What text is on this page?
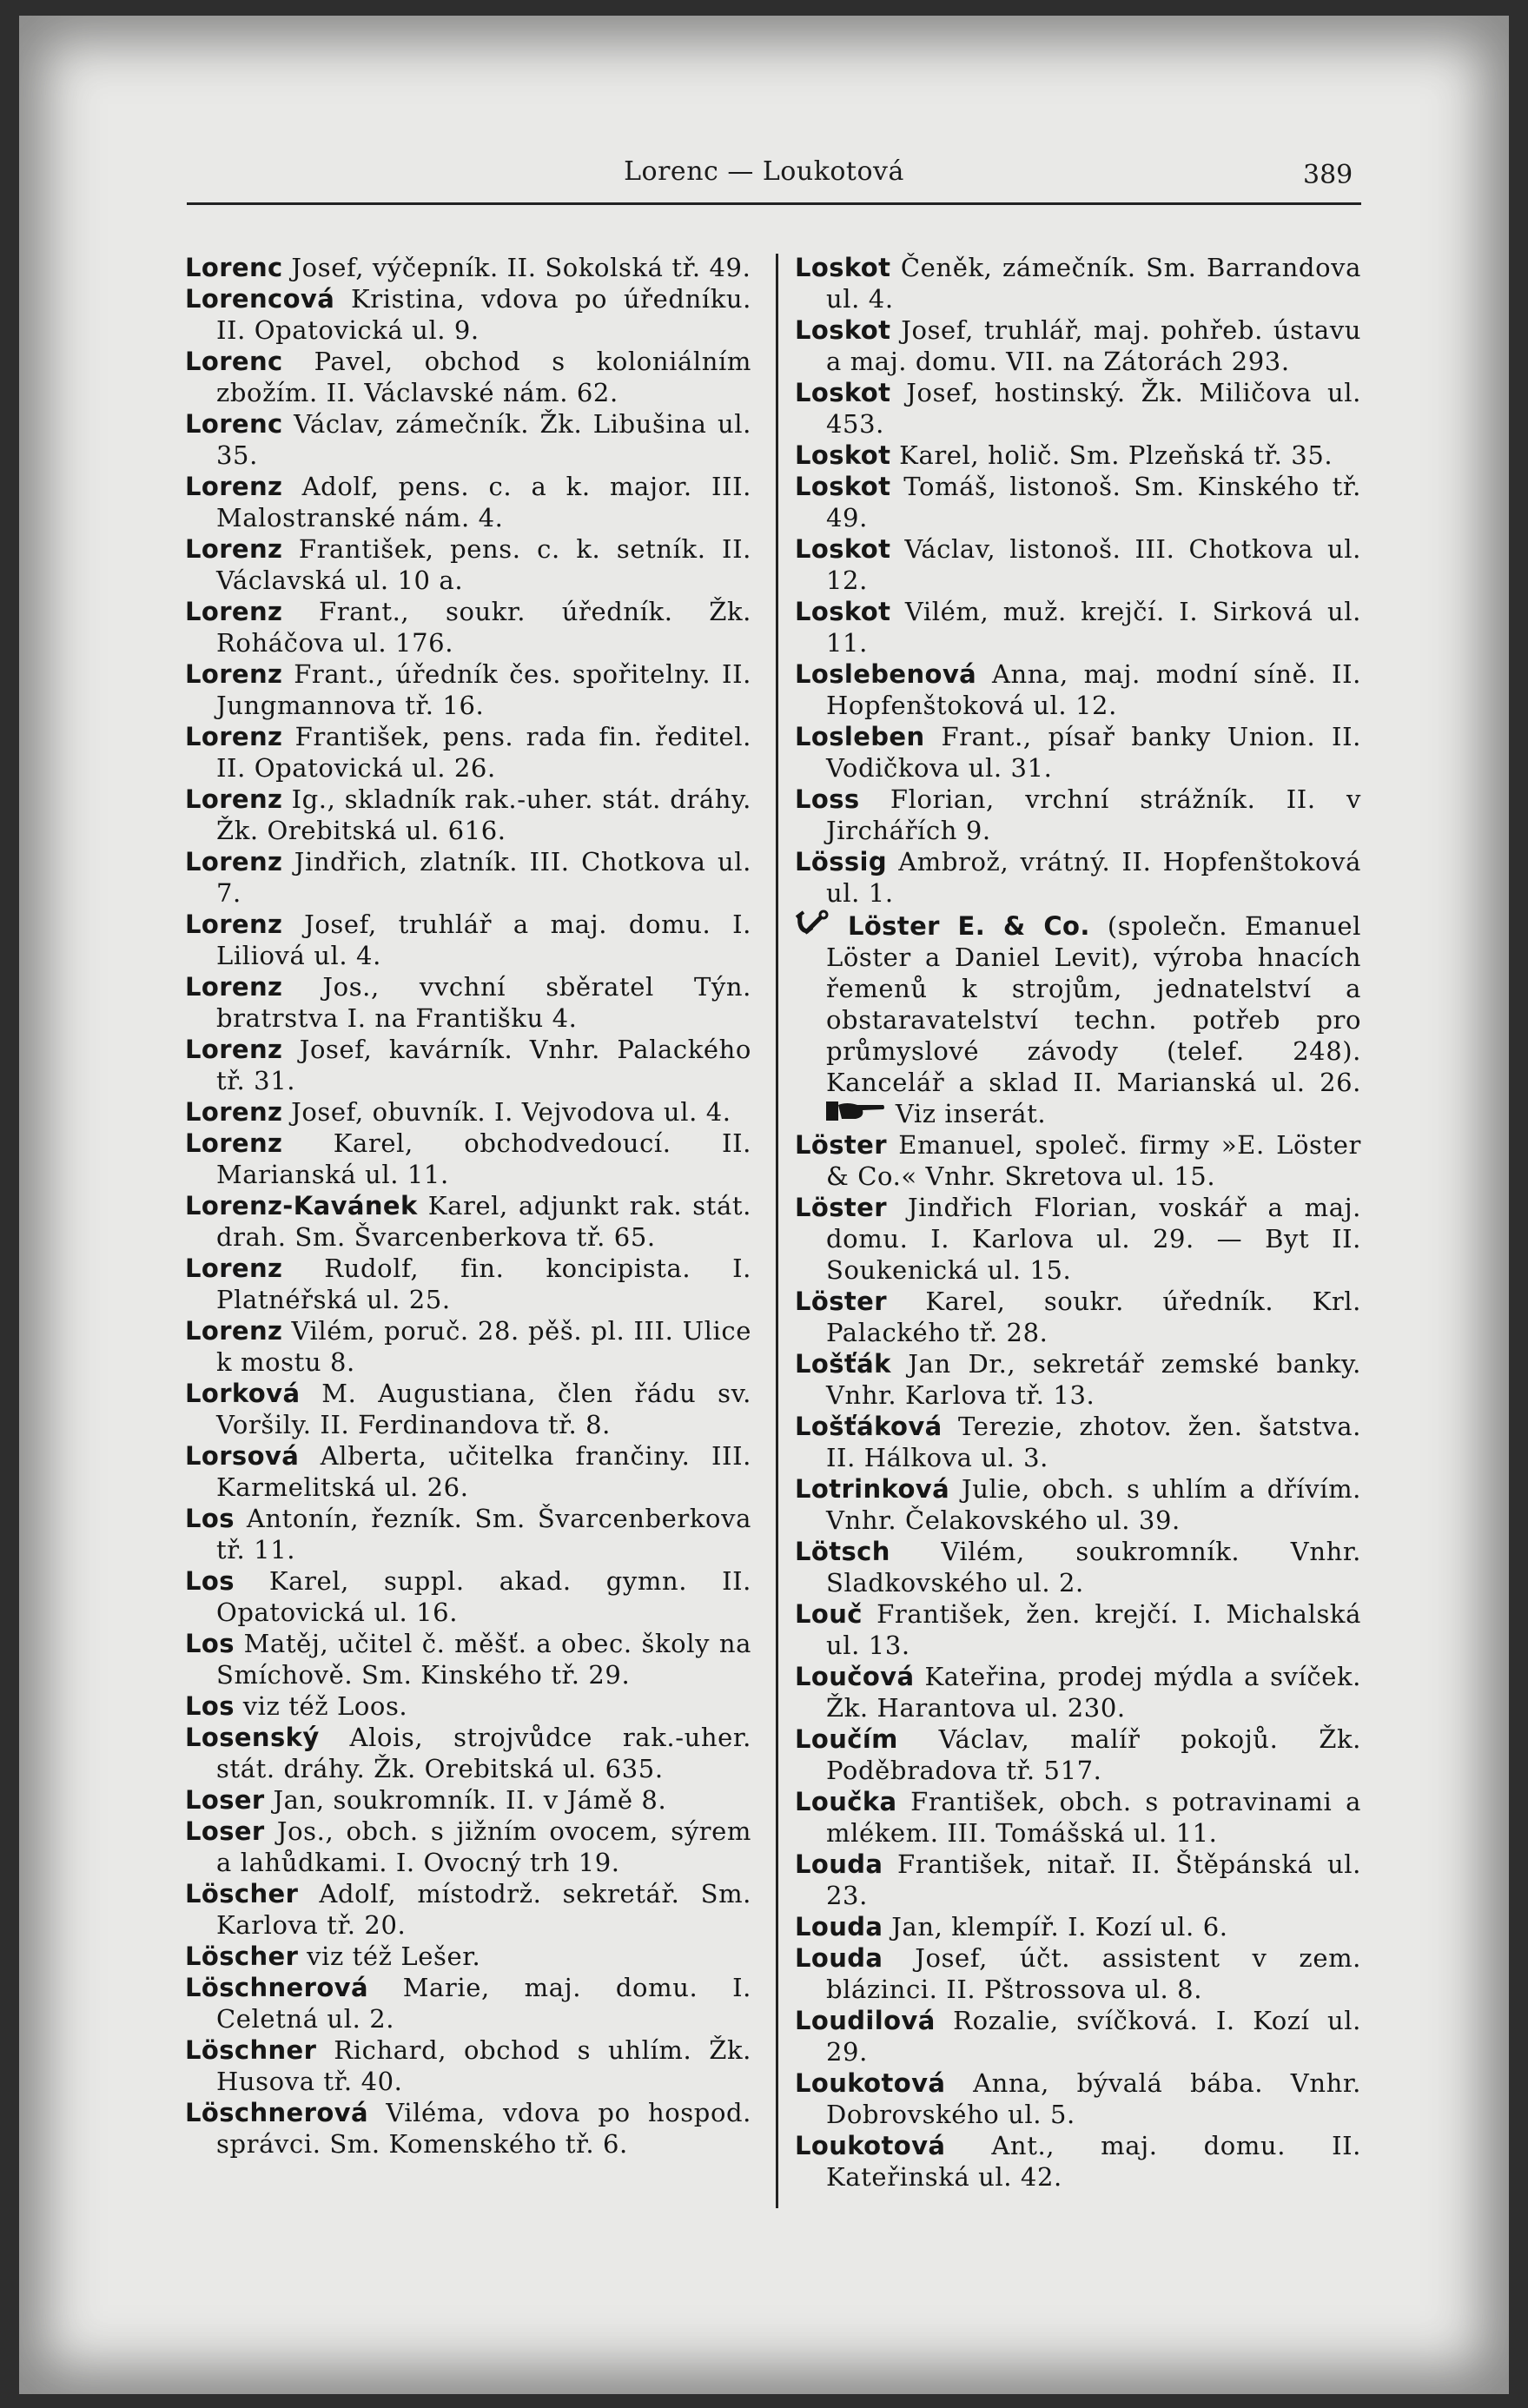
Lorenc — Loukotová	389

Lorenc Josef, výčepník. II. Sokolská tř. 49.

Lorencová Kristina, vdova po úředníku. II. Opatovická ul. 9.

Lorenc Pavel, obchod s koloniálním zbožím. II. Václavské nám. 62.

Lorenc Václav, zámečník. Žk. Libušina ul. 35.

Lorenz Adolf, pens. c. a k. major. III. Malostranské nám. 4.

Lorenz František, pens. c. k. setník. II. Václavská ul. 10 a.

Lorenz Frant., soukr. úředník. Žk. Roháčova ul. 176.

Lorenz Frant., úředník čes. spořitelny. II. Jungmannova tř. 16.

Lorenz František, pens. rada fin. ředitel. II. Opatovická ul. 26.

Lorenz Ig., skladník rak.-uher. stát. dráhy. Žk. Orebitská ul. 616.

Lorenz Jindřich, zlatník. III. Chotkova ul. 7.

Lorenz Josef, truhlář a maj. domu. I. Liliová ul. 4.

Lorenz Jos., vvchní sběratel Týn. bratrstva I. na Františku 4.

Lorenz Josef, kavárník. Vnhr. Palackého tř. 31.

Lorenz Josef, obuvník. I. Vejvodova ul. 4.

Lorenz Karel, obchodvedoucí. II. Marianská ul. 11.

Lorenz-Kavánek Karel, adjunkt rak. stát. drah. Sm. Švarcenberkova tř. 65.

Lorenz Rudolf, fin. koncipista. I. Platnéřská ul. 25.

Lorenz Vilém, poruč. 28. pěš. pl. III. Ulice k mostu 8.

Lorková M. Augustiana, člen řádu sv. Voršily. II. Ferdinandova tř. 8.

Lorsová Alberta, učitelka frančiny. III. Karmelitská ul. 26.

Los Antonín, řezník. Sm. Švarcenberkova tř. 11.

Los Karel, suppl. akad. gymn. II. Opatovická ul. 16.

Los Matěj, učitel č. měšť. a obec. školy na Smíchově. Sm. Kinského tř. 29.

Los viz též Loos.

Losenský Alois, strojvůdce rak.-uher. stát. dráhy. Žk. Orebitská ul. 635.

Loser Jan, soukromník. II. v Jámě 8.

Loser Jos., obch. s jižním ovocem, sýrem a lahůdkami. I. Ovocný trh 19.

Löscher Adolf, místodrž. sekretář. Sm. Karlova tř. 20.

Löscher viz též Lešer.

Löschnerová Marie, maj. domu. I. Celetná ul. 2.

Löschner Richard, obchod s uhlím. Žk. Husova tř. 40.

Löschnerová Viléma, vdova po hospod. správci. Sm. Komenského tř. 6.

Loskot Čeněk, zámečník. Sm. Barrandova ul. 4.

Loskot Josef, truhlář, maj. pohřeb. ústavu a maj. domu. VII. na Zátorách 293.

Loskot Josef, hostinský. Žk. Miličova ul. 453.

Loskot Karel, holič. Sm. Plzeňská tř. 35.

Loskot Tomáš, listonoš. Sm. Kinského tř. 49.

Loskot Václav, listonoš. III. Chotkova ul. 12.

Loskot Vilém, muž. krejčí. I. Sirková ul. 11.

Loslebenová Anna, maj. modní síně. II. Hopfenštoková ul. 12.

Losleben Frant., písař banky Union. II. Vodičkova ul. 31.

Loss Florian, vrchní strážník. II. v Jirchářích 9.

Lössig Ambrož, vrátný. II. Hopfenštoková ul. 1.

Löster E. & Co. (společn. Emanuel Löster a Daniel Levit), výroba hnacích řemenů k strojům, jednatelství a obstaravatelství techn. potřeb pro průmyslové závody (telef. 248). Kancelář a sklad II. Marianská ul. 26.  Viz inserát.

Löster Emanuel, společ. firmy »E. Löster & Co.« Vnhr. Skretova ul. 15.

Löster Jindřich Florian, voskář a maj. domu. I. Karlova ul. 29. — Byt II. Soukenická ul. 15.

Löster Karel, soukr. úředník. Krl. Palackého tř. 28.

Lošťák Jan Dr., sekretář zemské banky. Vnhr. Karlova tř. 13.

Lošťáková Terezie, zhotov. žen. šatstva. II. Hálkova ul. 3.

Lotrinková Julie, obch. s uhlím a dřívím. Vnhr. Čelakovského ul. 39.

Lötsch Vilém, soukromník. Vnhr. Sladkovského ul. 2.

Louč František, žen. krejčí. I. Michalská ul. 13.

Loučová Kateřina, prodej mýdla a svíček. Žk. Harantova ul. 230.

Loučím Václav, malíř pokojů. Žk. Poděbradova tř. 517.

Loučka František, obch. s potravinami a mlékem. III. Tomášská ul. 11.

Louda František, nitař. II. Štěpánská ul. 23.

Louda Jan, klempíř. I. Kozí ul. 6.

Louda Josef, účt. assistent v zem. blázinci. II. Pštrossova ul. 8.

Loudilová Rozalie, svíčková. I. Kozí ul. 29.

Loukotová Anna, bývalá bába. Vnhr. Dobrovského ul. 5.

Loukotová Ant., maj. domu. II. Kateřinská ul. 42.
